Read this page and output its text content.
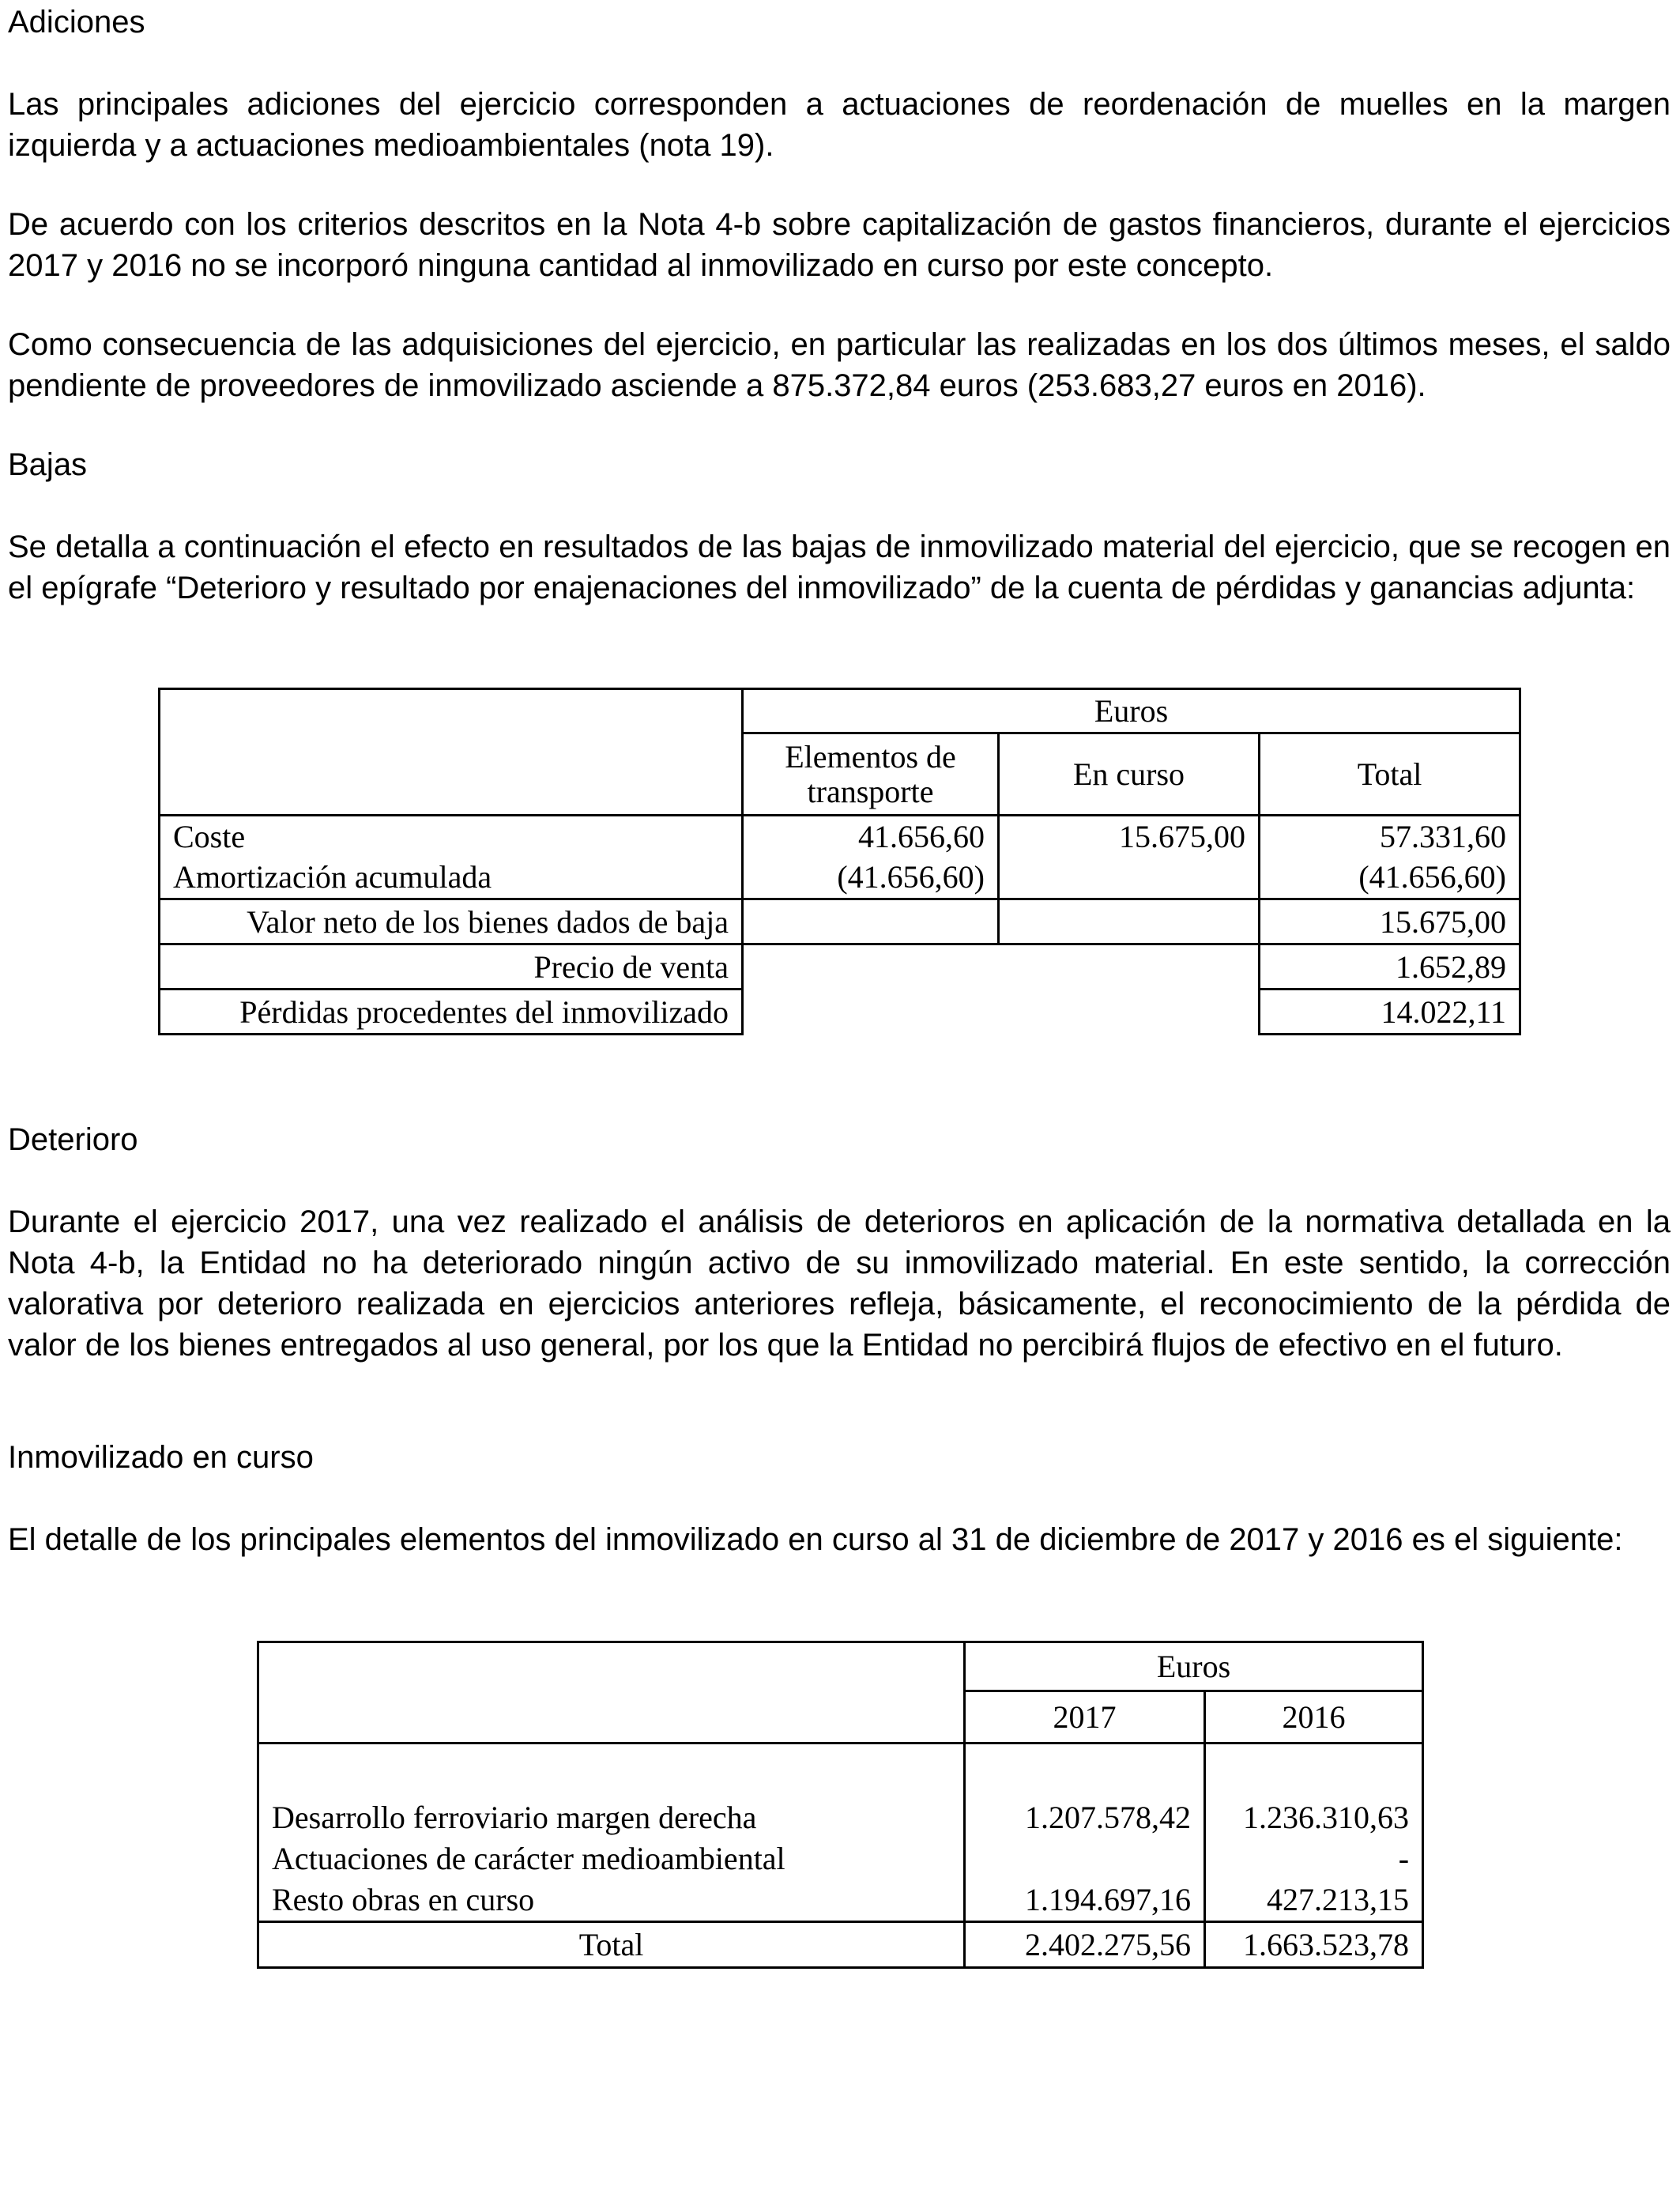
Adiciones
Las principales adiciones del ejercicio corresponden a actuaciones de reordenación de muelles en la margen izquierda y a actuaciones medioambientales (nota 19).
De acuerdo con los criterios descritos en la Nota 4-b sobre capitalización de gastos financieros, durante el ejercicios 2017 y 2016 no se incorporó ninguna cantidad al inmovilizado en curso por este concepto.
Como consecuencia de las adquisiciones del ejercicio, en particular las realizadas en los dos últimos meses, el saldo pendiente de proveedores de inmovilizado asciende a 875.372,84 euros (253.683,27 euros en 2016).
Bajas
Se detalla a continuación el efecto en resultados de las bajas de inmovilizado material del ejercicio, que se recogen en el epígrafe “Deterioro y resultado por enajenaciones del inmovilizado” de la cuenta de pérdidas y ganancias adjunta:
	Euros		

	Elementos de
transporte	En curso	Total
Coste	41.656,60	15.675,00	57.331,60
Amortización acumulada	(41.656,60)		(41.656,60)
Valor neto de los bienes dados de baja			15.675,00
Precio de venta			1.652,89
Pérdidas procedentes del inmovilizado			14.022,11
Deterioro
Durante el ejercicio 2017, una vez realizado el análisis de deterioros en aplicación de la normativa detallada en la Nota 4-b, la Entidad no ha deteriorado ningún activo de su inmovilizado material. En este sentido, la corrección valorativa por deterioro realizada en ejercicios anteriores refleja, básicamente, el reconocimiento de la pérdida de valor de los bienes entregados al uso general, por los que la Entidad no percibirá flujos de efectivo en el futuro.
Inmovilizado en curso
El detalle de los principales elementos del inmovilizado en curso al 31 de diciembre de 2017 y 2016 es el siguiente:
	Euros	
	2017	2016

Desarrollo ferroviario margen derecha	1.207.578,42	1.236.310,63
Actuaciones de carácter medioambiental		-
Resto obras en curso	1.194.697,16	427.213,15
Total	2.402.275,56	1.663.523,78
